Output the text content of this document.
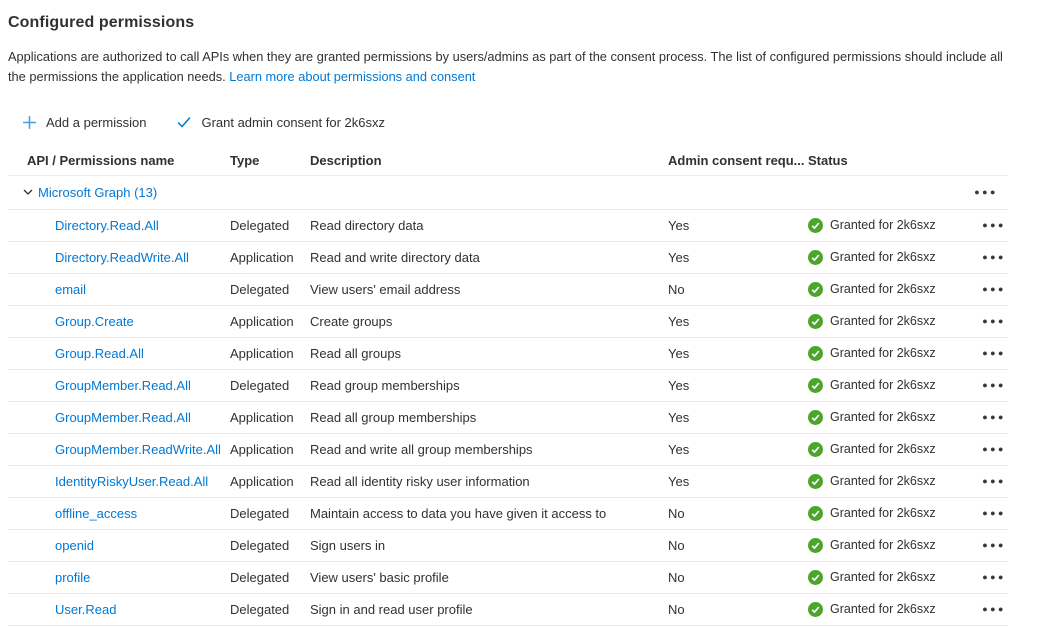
Configured permissions

Applications are authorized to call APIs when they are granted permissions by users/admins as part of the consent process. The list of configured permissions should include all the permissions the application needs. Learn more about permissions and consent

Add a permission	Grant admin consent for 2k6sxz
API / Permissions name	Type	Description	Admin consent requ... Status
Microsoft Graph (13)	●●●
Directory.Read.All	Delegated	Read directory data	Yes	Granted for 2k6sxz	●●●
Directory.ReadWrite.All	Application	Read and write directory data	Yes	Granted for 2k6sxz	●●●
email	Delegated	View users' email address	No	Granted for 2k6sxz	●●●
Group.Create	Application	Create groups	Yes	Granted for 2k6sxz	●●●
Group.Read.All	Application	Read all groups	Yes	Granted for 2k6sxz	●●●
GroupMember.Read.All	Delegated	Read group memberships	Yes	Granted for 2k6sxz	●●●
GroupMember.Read.All	Application	Read all group memberships	Yes	Granted for 2k6sxz	●●●
GroupMember.ReadWrite.All Application	Read and write all group memberships	Yes	Granted for 2k6sxz	●●●
IdentityRiskyUser.Read.All	Application	Read all identity risky user information	Yes	Granted for 2k6sxz	●●●
offline_access	Delegated	Maintain access to data you have given it access to	No	Granted for 2k6sxz	●●●
openid	Delegated	Sign users in	No	Granted for 2k6sxz	●●●
profile	Delegated	View users' basic profile	No	Granted for 2k6sxz	●●●
User.Read	Delegated	Sign in and read user profile	No	Granted for 2k6sxz	●●●
